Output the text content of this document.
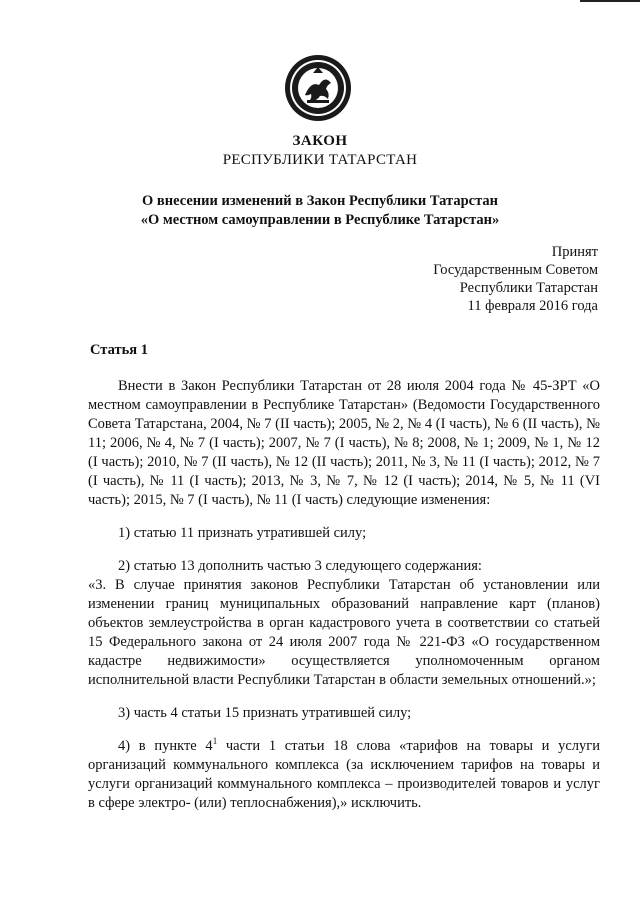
ЗАКОН
РЕСПУБЛИКИ ТАТАРСТАН
О внесении изменений в Закон Республики Татарстан
«О местном самоуправлении в Республике Татарстан»
Принят
Государственным Советом
Республики Татарстан
11 февраля 2016 года
Статья 1

Внести в Закон Республики Татарстан от 28 июля 2004 года № 45-ЗРТ «О местном самоуправлении в Республике Татарстан» (Ведомости Государственного Совета Татарстана, 2004, № 7 (II часть); 2005, № 2, № 4 (I часть), № 6 (II часть), № 11; 2006, № 4, № 7 (I часть); 2007, № 7 (I часть), № 8; 2008, № 1; 2009, № 1, № 12 (I часть); 2010, № 7 (II часть), № 12 (II часть); 2011, № 3, № 11 (I часть); 2012, № 7 (I часть), № 11 (I часть); 2013, № 3, № 7, № 12 (I часть); 2014, № 5, № 11 (VI часть); 2015, № 7 (I часть), № 11 (I часть) следующие изменения:

1) статью 11 признать утратившей силу;

2) статью 13 дополнить частью 3 следующего содержания:

«3. В случае принятия законов Республики Татарстан об установлении или изменении границ муниципальных образований направление карт (планов) объектов землеустройства в орган кадастрового учета в соответствии со статьей 15 Федерального закона от 24 июля 2007 года № 221-ФЗ «О государственном кадастре недвижимости» осуществляется уполномоченным органом исполнительной власти Республики Татарстан в области земельных отношений.»;

3) часть 4 статьи 15 признать утратившей силу;

4) в пункте $4^1$ части 1 статьи 18 слова «тарифов на товары и услуги организаций коммунального комплекса (за исключением тарифов на товары и услуги организаций коммунального комплекса – производителей товаров и услуг в сфере электро- (или) теплоснабжения),» исключить.
